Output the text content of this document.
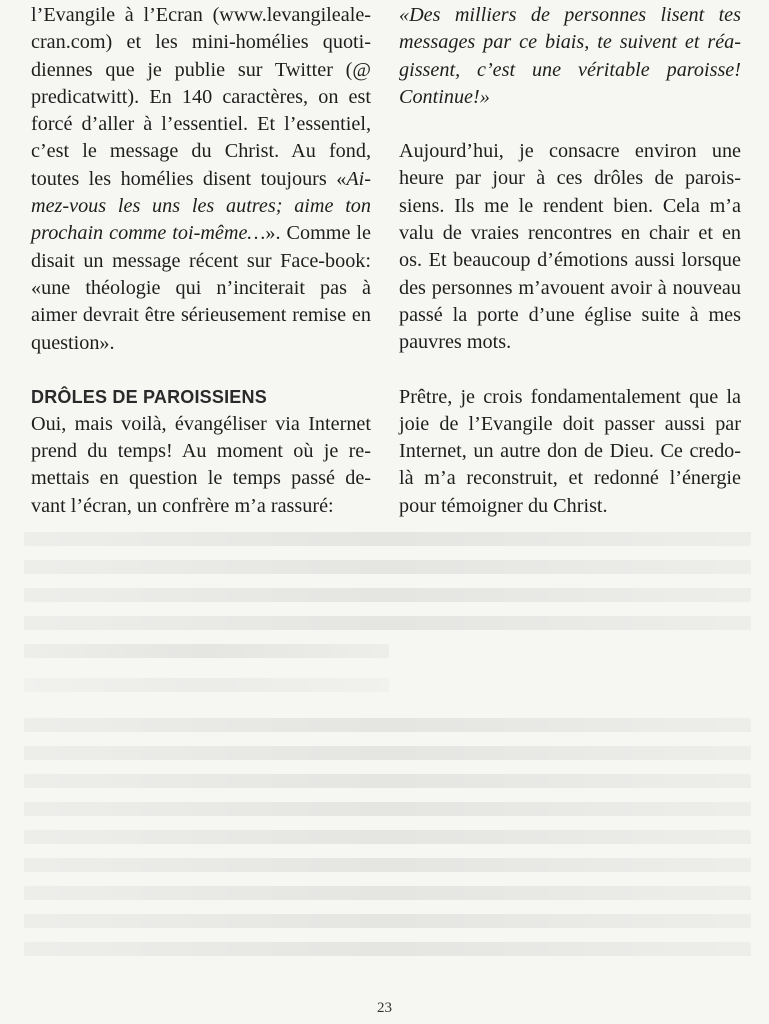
l’Evangile à l’Ecran (www.levangileale-cran.com) et les mini-homélies quoti-diennes que je publie sur Twitter (@ predicatwitt). En 140 caractères, on est forcé d’aller à l’essentiel. Et l’essentiel, c’est le message du Christ. Au fond, toutes les homélies disent toujours «Ai-mez-vous les uns les autres; aime ton prochain comme toi-même…». Comme le disait un message récent sur Face-book: «une théologie qui n’inciterait pas à aimer devrait être sérieusement remise en question».

DRÔLES DE PAROISSIENS

Oui, mais voilà, évangéliser via Internet prend du temps! Au moment où je re-mettais en question le temps passé de-vant l’écran, un confrère m’a rassuré:

«Des milliers de personnes lisent tes messages par ce biais, te suivent et réa-gissent, c’est une véritable paroisse! Continue!»

Aujourd’hui, je consacre environ une heure par jour à ces drôles de parois-siens. Ils me le rendent bien. Cela m’a valu de vraies rencontres en chair et en os. Et beaucoup d’émotions aussi lorsque des personnes m’avouent avoir à nouveau passé la porte d’une église suite à mes pauvres mots.

Prêtre, je crois fondamentalement que la joie de l’Evangile doit passer aussi par Internet, un autre don de Dieu. Ce credo-là m’a reconstruit, et redonné l’énergie pour témoigner du Christ.

23
